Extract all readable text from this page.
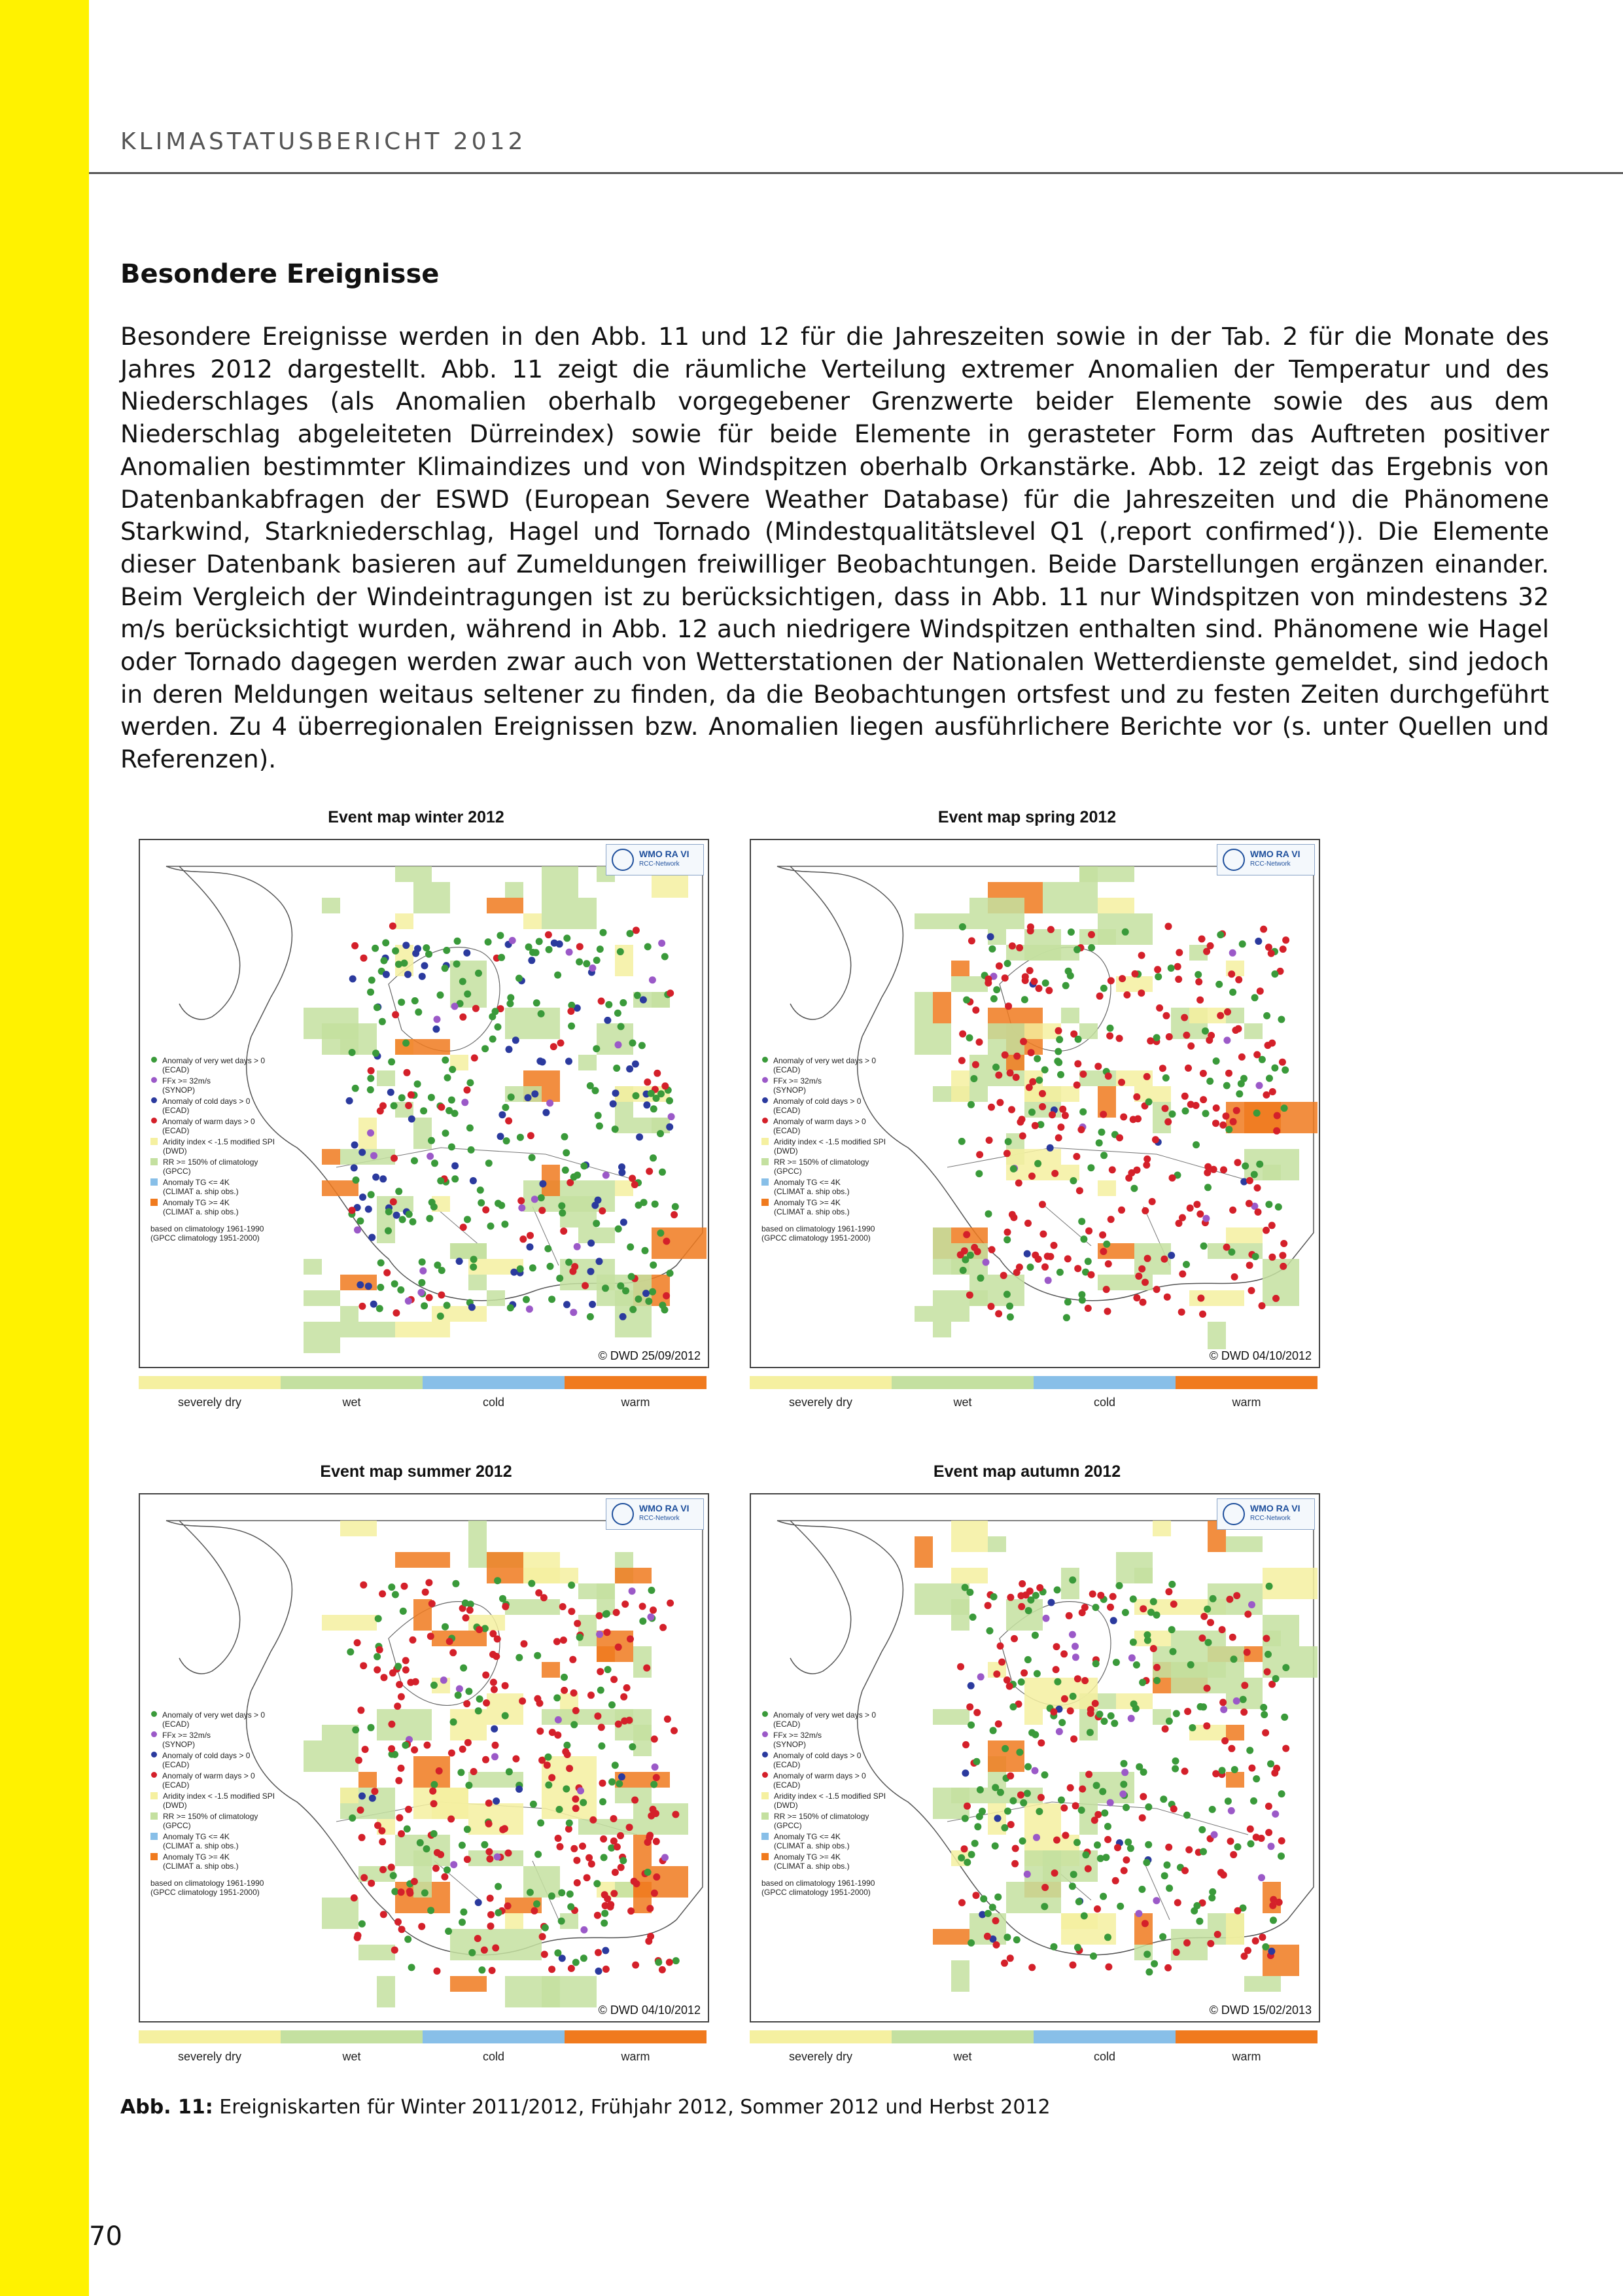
KLIMASTATUSBERICHT 2012
Besondere Ereignisse

Besondere Ereignisse werden in den Abb. 11 und 12 für die Jahreszeiten sowie in der Tab. 2 für die Monate des Jahres 2012 dargestellt. Abb. 11 zeigt die räumliche Verteilung extremer Anomalien der Temperatur und des Niederschlages (als Anomalien oberhalb vorgegebener Grenzwerte beider Elemente sowie des aus dem Niederschlag abgeleiteten Dürreindex) sowie für beide Elemente in gerasteter Form das Auftreten positiver Anomalien bestimmter Klimaindizes und von Windspitzen oberhalb Orkanstärke. Abb. 12 zeigt das Ergebnis von Datenbankabfragen der ESWD (European Severe Weather Database) für die Jahreszeiten und die Phänomene Starkwind, Starkniederschlag, Hagel und Tornado (Mindestqualitätslevel Q1 (‚report confirmed‘)). Die Elemente dieser Datenbank basieren auf Zumeldungen freiwilliger Beobachtungen. Beide Darstellungen ergänzen einander. Beim Vergleich der Windeintragungen ist zu berücksichtigen, dass in Abb. 11 nur Windspitzen von mindestens 32 m/s berücksichtigt wurden, während in Abb. 12 auch niedrigere Windspitzen enthalten sind. Phänomene wie Hagel oder Tornado dagegen werden zwar auch von Wetterstationen der Nationalen Wetterdienste gemeldet, sind jedoch in deren Meldungen weitaus seltener zu finden, da die Beobachtungen ortsfest und zu festen Zeiten durchgeführt werden. Zu 4 überregionalen Ereignissen bzw. Anomalien liegen ausführlichere Berichte vor (s. unter Quellen und Referenzen).

Event map winter 2012
WMO RA VI
RCC-Network
Anomaly of very wet days > 0
(ECAD)
FFx >= 32m/s
(SYNOP)
Anomaly of cold days > 0
(ECAD)
Anomaly of warm days > 0
(ECAD)
Aridity index < -1.5 modified SPI
(DWD)
RR >= 150% of climatology
(GPCC)
Anomaly TG <= 4K
(CLIMAT a. ship obs.)
Anomaly TG >= 4K
(CLIMAT a. ship obs.)
based on climatology 1961-1990
(GPCC climatology 1951-2000)
© DWD 25/09/2012
severely dry	wet	cold	warm
Event map spring 2012
WMO RA VI
RCC-Network
Anomaly of very wet days > 0
(ECAD)
FFx >= 32m/s
(SYNOP)
Anomaly of cold days > 0
(ECAD)
Anomaly of warm days > 0
(ECAD)
Aridity index < -1.5 modified SPI
(DWD)
RR >= 150% of climatology
(GPCC)
Anomaly TG <= 4K
(CLIMAT a. ship obs.)
Anomaly TG >= 4K
(CLIMAT a. ship obs.)
based on climatology 1961-1990
(GPCC climatology 1951-2000)
© DWD 04/10/2012
severely dry	wet	cold	warm
Event map summer 2012
WMO RA VI
RCC-Network
Anomaly of very wet days > 0
(ECAD)
FFx >= 32m/s
(SYNOP)
Anomaly of cold days > 0
(ECAD)
Anomaly of warm days > 0
(ECAD)
Aridity index < -1.5 modified SPI
(DWD)
RR >= 150% of climatology
(GPCC)
Anomaly TG <= 4K
(CLIMAT a. ship obs.)
Anomaly TG >= 4K
(CLIMAT a. ship obs.)
based on climatology 1961-1990
(GPCC climatology 1951-2000)
© DWD 04/10/2012
severely dry	wet	cold	warm
Event map autumn 2012
WMO RA VI
RCC-Network
Anomaly of very wet days > 0
(ECAD)
FFx >= 32m/s
(SYNOP)
Anomaly of cold days > 0
(ECAD)
Anomaly of warm days > 0
(ECAD)
Aridity index < -1.5 modified SPI
(DWD)
RR >= 150% of climatology
(GPCC)
Anomaly TG <= 4K
(CLIMAT a. ship obs.)
Anomaly TG >= 4K
(CLIMAT a. ship obs.)
based on climatology 1961-1990
(GPCC climatology 1951-2000)
© DWD 15/02/2013
severely dry	wet	cold	warm
Abb. 11: Ereigniskarten für Winter 2011/2012, Frühjahr 2012, Sommer 2012 und Herbst 2012
70
